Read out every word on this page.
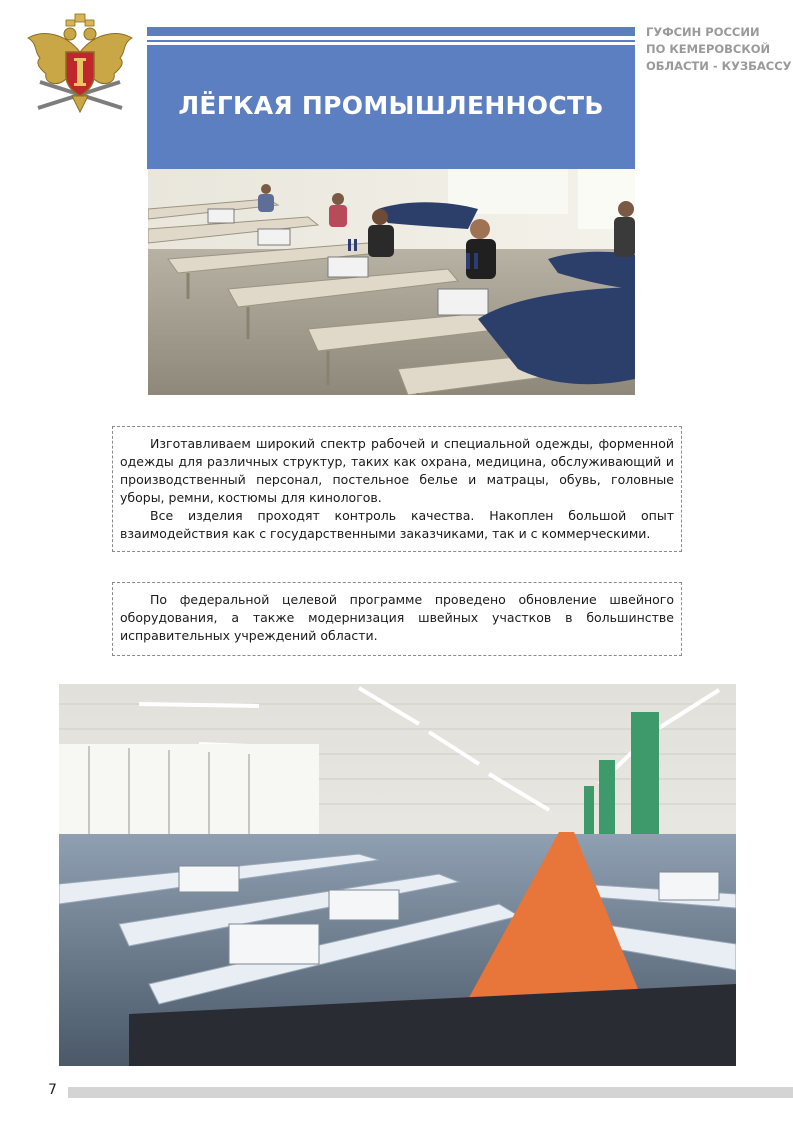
ЛЁГКАЯ ПРОМЫШЛЕННОСТЬ
ГУФСИН РОССИИ
ПО КЕМЕРОВСКОЙ
ОБЛАСТИ - КУЗБАССУ

Изготавливаем широкий спектр рабочей и специальной одежды, форменной одежды для различных структур, таких как охрана, медицина, обслуживающий и производственный персонал, постельное белье и матрацы, обувь, головные уборы, ремни, костюмы для кинологов.

Все изделия проходят контроль качества. Накоплен большой опыт взаимодействия как с государственными заказчиками, так и с коммерческими.

По федеральной целевой программе проведено обновление швейного оборудования, а также модернизация швейных участков в большинстве исправительных учреждений области.

7
